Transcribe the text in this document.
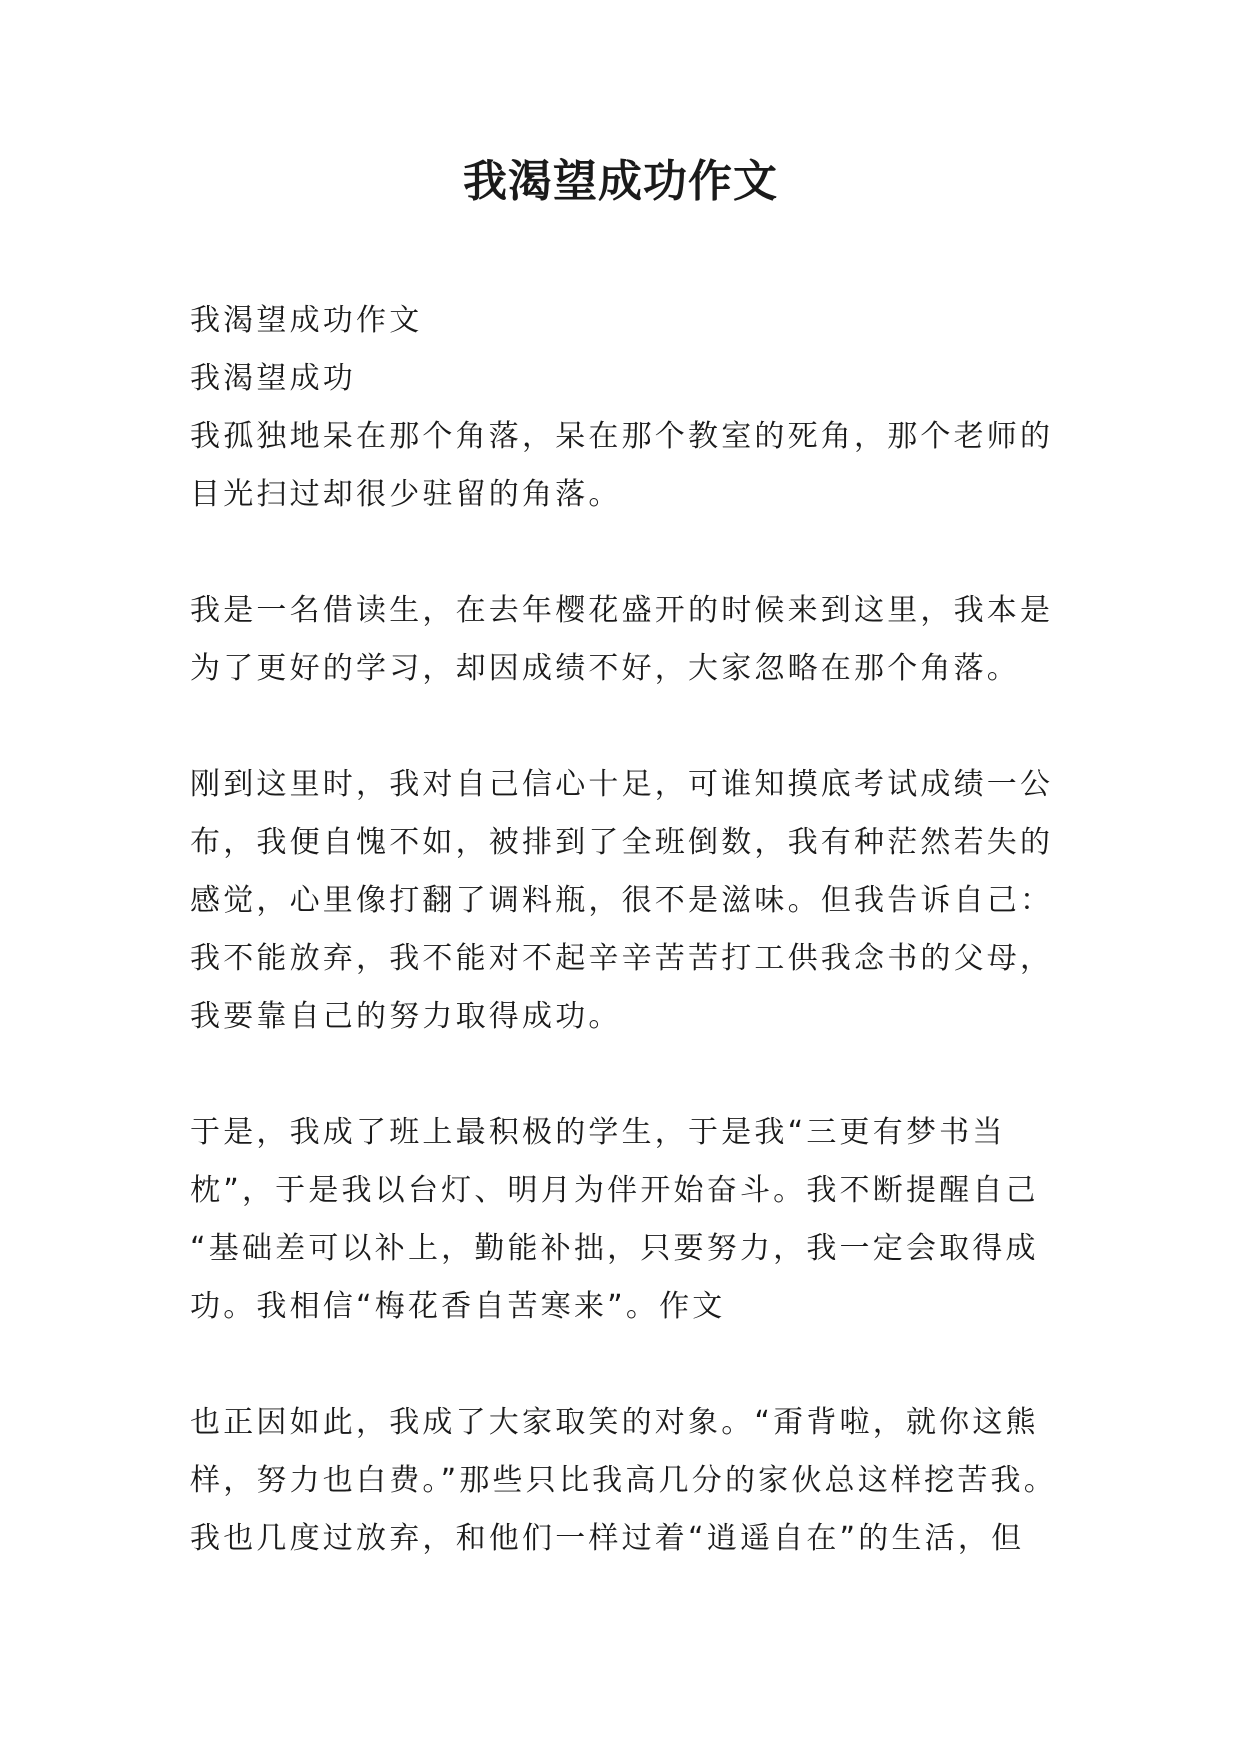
我渴望成功作文

我渴望成功作文

我渴望成功

我孤独地呆在那个角落，呆在那个教室的死角，那个老师的

目光扫过却很少驻留的角落。

我是一名借读生，在去年樱花盛开的时候来到这里，我本是

为了更好的学习，却因成绩不好，大家忽略在那个角落。

刚到这里时，我对自己信心十足，可谁知摸底考试成绩一公

布，我便自愧不如，被排到了全班倒数，我有种茫然若失的

感觉，心里像打翻了调料瓶，很不是滋味。但我告诉自己：

我不能放弃，我不能对不起辛辛苦苦打工供我念书的父母，

我要靠自己的努力取得成功。

于是，我成了班上最积极的学生，于是我“三更有梦书当

枕”，于是我以台灯、明月为伴开始奋斗。我不断提醒自己

“基础差可以补上，勤能补拙，只要努力，我一定会取得成

功。我相信“梅花香自苦寒来”。作文

也正因如此，我成了大家取笑的对象。“甭背啦，就你这熊

样，努力也白费。”那些只比我高几分的家伙总这样挖苦我。

我也几度过放弃，和他们一样过着“逍遥自在”的生活，但
